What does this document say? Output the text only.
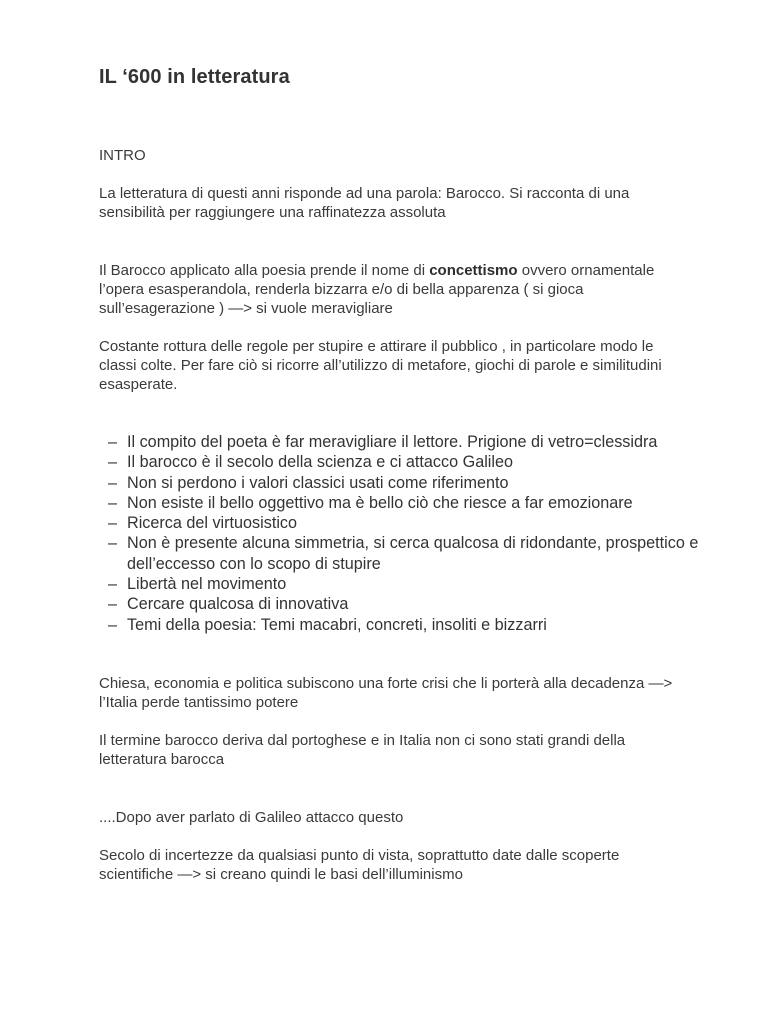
IL ‘600 in letteratura

INTRO

La letteratura di questi anni risponde ad una parola: Barocco. Si racconta di una sensibilità per raggiungere una raffinatezza assoluta

Il Barocco applicato alla poesia prende il nome di concettismo ovvero ornamentale l’opera esasperandola, renderla bizzarra e/o di bella apparenza ( si gioca sull’esagerazione ) —> si vuole meravigliare

Costante rottura delle regole per stupire e attirare il pubblico , in particolare modo le classi colte. Per fare ciò si ricorre all’utilizzo di metafore, giochi di parole e similitudini esasperate.

– Il compito del poeta è far meravigliare il lettore. Prigione di vetro=clessidra
– Il barocco è il secolo della scienza e ci attacco Galileo
– Non si perdono i valori classici usati come riferimento
– Non esiste il bello oggettivo ma è bello ciò che riesce a far emozionare
– Ricerca del virtuosistico
– Non è presente alcuna simmetria, si cerca qualcosa di ridondante, prospettico e dell’eccesso con lo scopo di stupire
– Libertà nel movimento
– Cercare qualcosa di innovativa
– Temi della poesia: Temi macabri, concreti, insoliti e bizzarri

Chiesa, economia e politica subiscono una forte crisi che li porterà alla decadenza —> l’Italia perde tantissimo potere

Il termine barocco deriva dal portoghese e in Italia non ci sono stati grandi della letteratura barocca

....Dopo aver parlato di Galileo attacco questo

Secolo di incertezze da qualsiasi punto di vista, soprattutto date dalle scoperte scientifiche —> si creano quindi le basi dell’illuminismo
